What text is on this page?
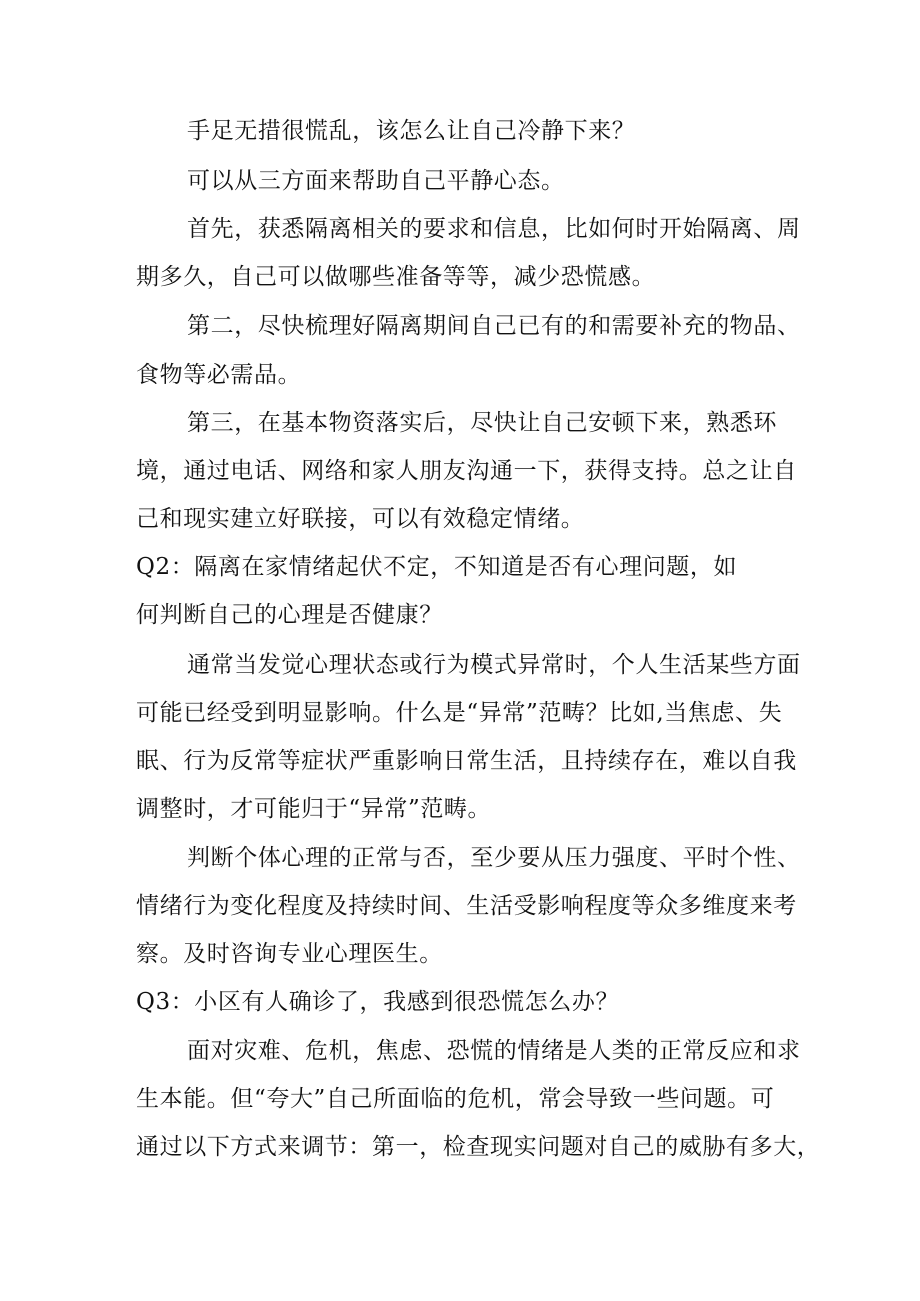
手足无措很慌乱，该怎么让自己冷静下来？

可以从三方面来帮助自己平静心态。

首先，获悉隔离相关的要求和信息，比如何时开始隔离、周

期多久，自己可以做哪些准备等等，减少恐慌感。

第二，尽快梳理好隔离期间自己已有的和需要补充的物品、

食物等必需品。

第三，在基本物资落实后，尽快让自己安顿下来，熟悉环

境，通过电话、网络和家人朋友沟通一下，获得支持。总之让自

己和现实建立好联接，可以有效稳定情绪。

Q2：隔离在家情绪起伏不定，不知道是否有心理问题，如

何判断自己的心理是否健康？

通常当发觉心理状态或行为模式异常时，个人生活某些方面

可能已经受到明显影响。什么是“异常”范畴？比如,当焦虑、失

眠、行为反常等症状严重影响日常生活，且持续存在，难以自我

调整时，才可能归于“异常”范畴。

判断个体心理的正常与否，至少要从压力强度、平时个性、

情绪行为变化程度及持续时间、生活受影响程度等众多维度来考

察。及时咨询专业心理医生。

Q3：小区有人确诊了，我感到很恐慌怎么办？

面对灾难、危机，焦虑、恐慌的情绪是人类的正常反应和求

生本能。但“夸大”自己所面临的危机，常会导致一些问题。可

通过以下方式来调节：第一，检查现实问题对自己的威胁有多大，
